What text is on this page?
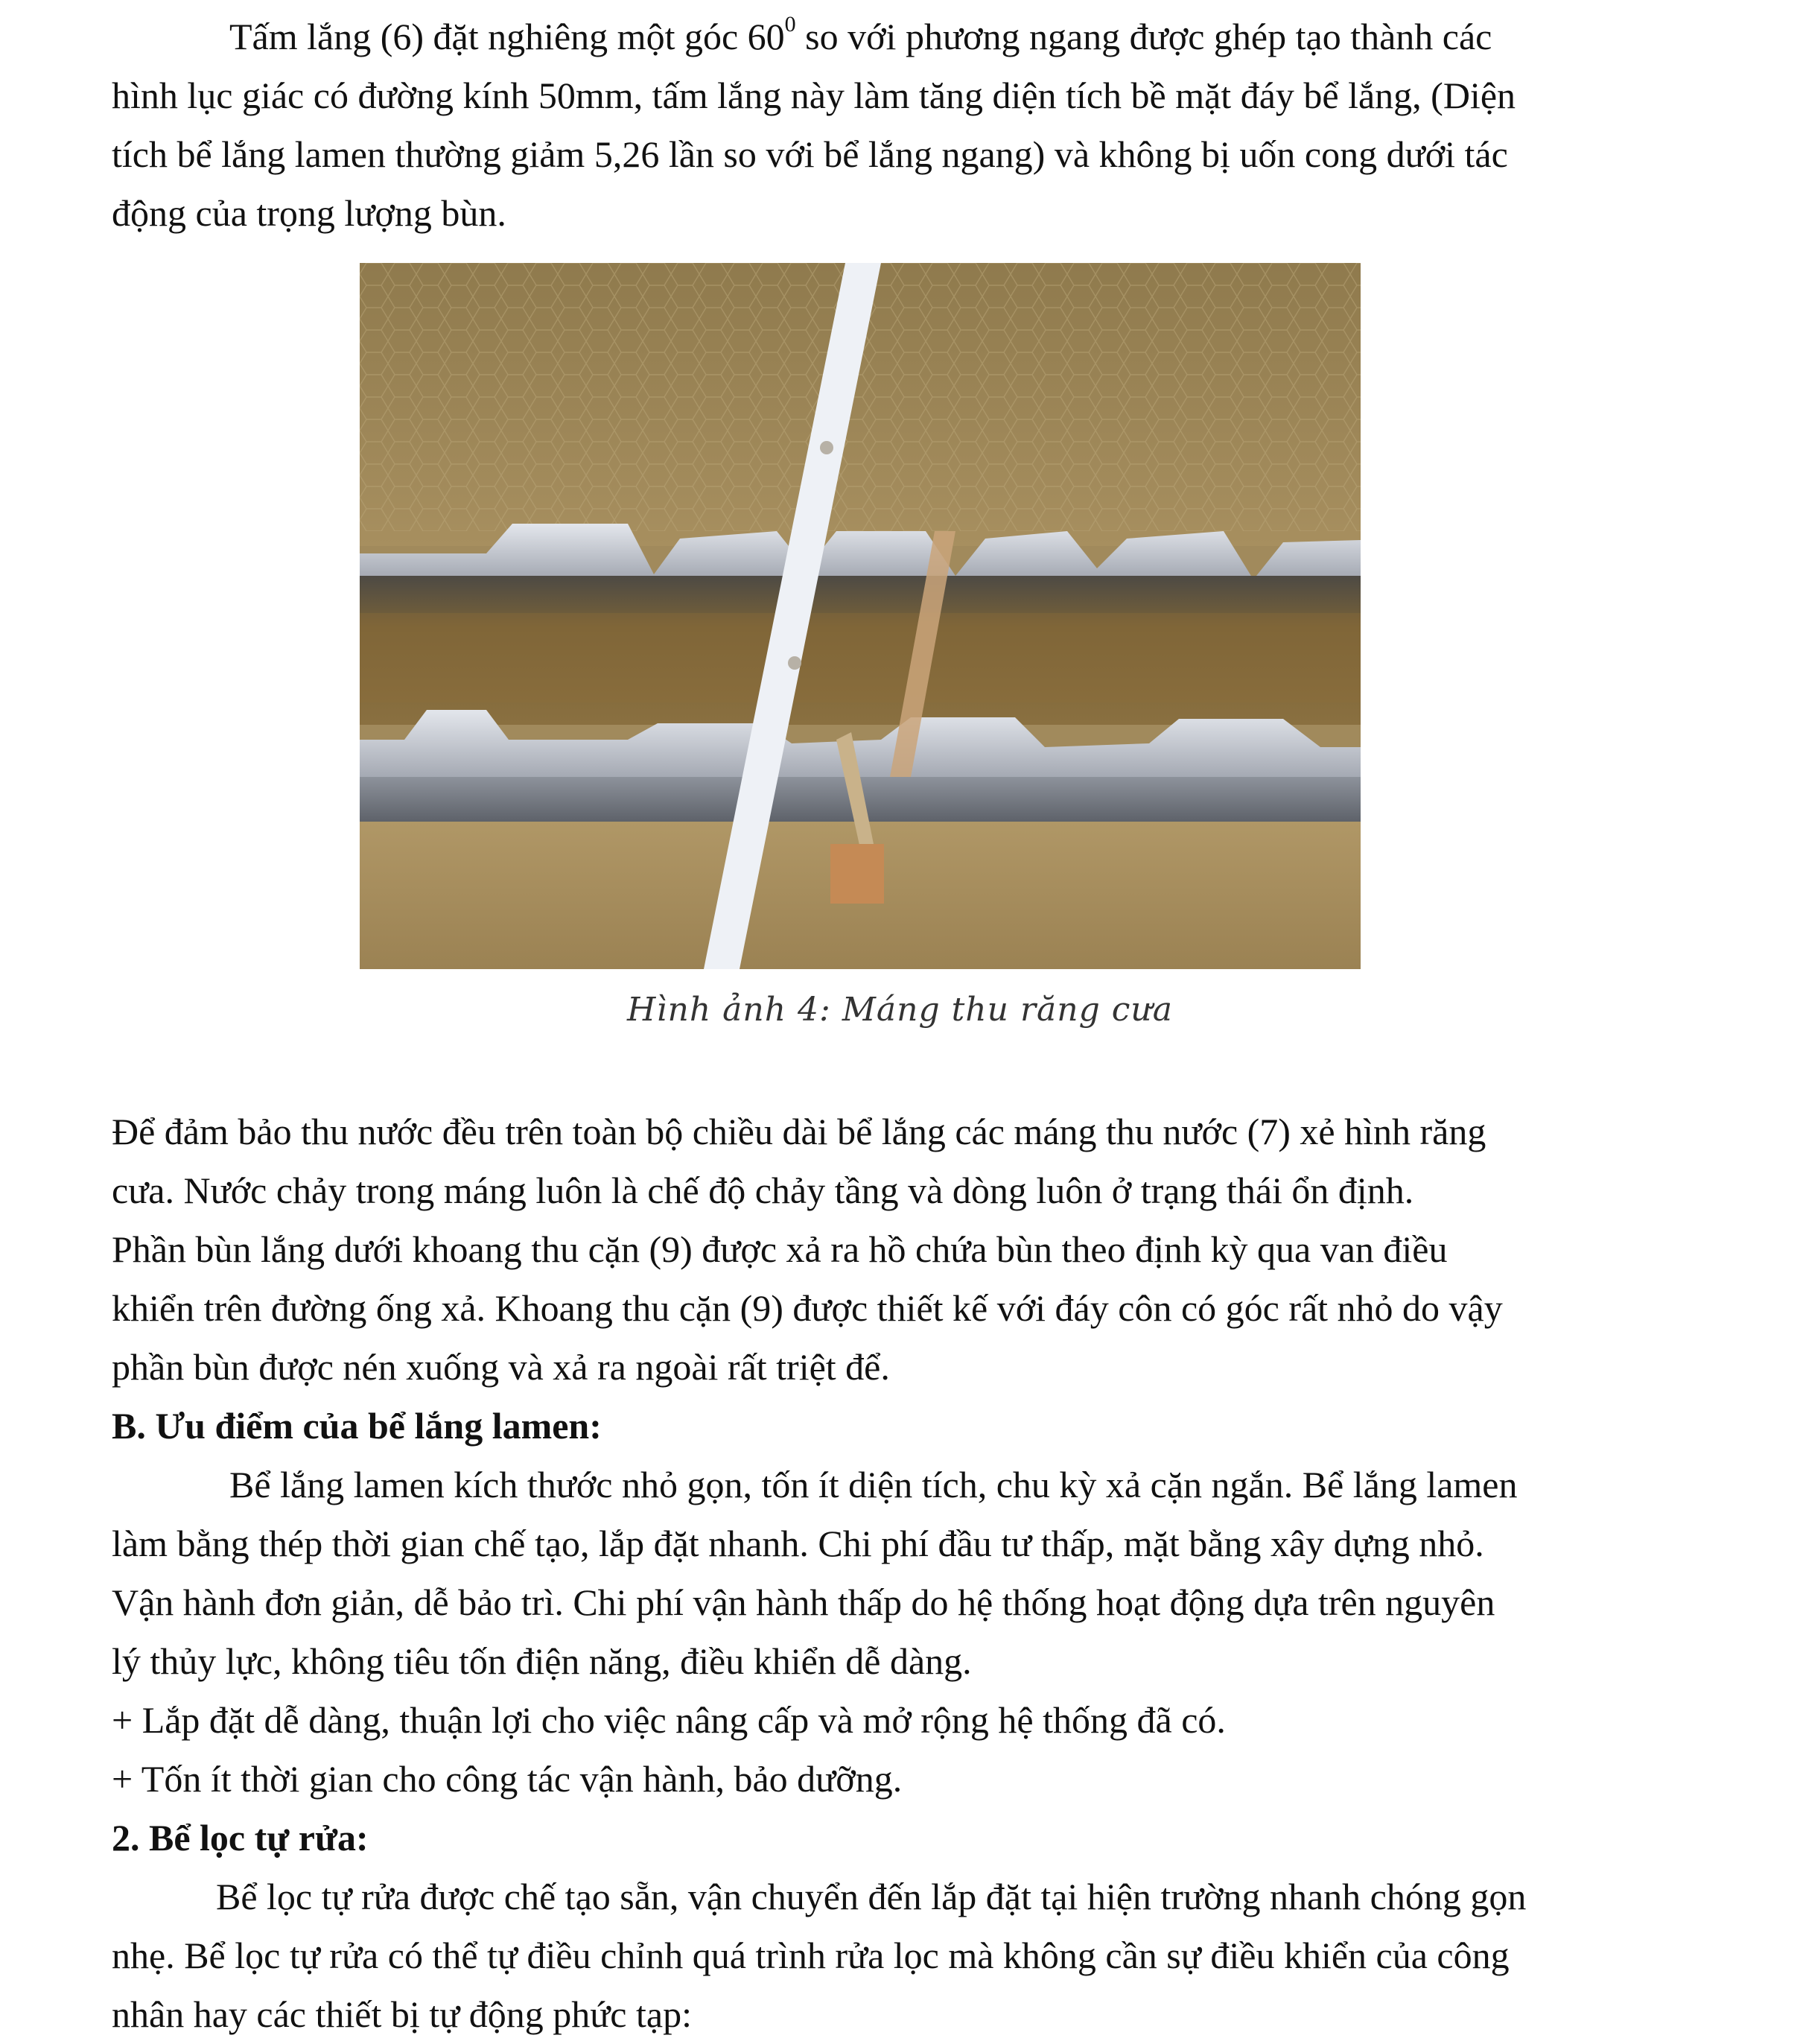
Tấm lắng (6) đặt nghiêng một góc $60^0$ so với phương ngang được ghép tạo thành các
hình lục giác có đường kính 50mm, tấm lắng này làm tăng diện tích bề mặt đáy bể lắng, (Diện
tích bể lắng lamen thường giảm 5,26 lần so với bể lắng ngang) và không bị uốn cong dưới tác
động của trọng lượng bùn.

Hình ảnh 4: Máng thu răng cưa

Để đảm bảo thu nước đều trên toàn bộ chiều dài bể lắng các máng thu nước (7) xẻ hình răng
cưa. Nước chảy trong máng luôn là chế độ chảy tầng và dòng luôn ở trạng thái ổn định.
Phần bùn lắng dưới khoang thu cặn (9) được xả ra hồ chứa bùn theo định kỳ qua van điều
khiển trên đường ống xả. Khoang thu cặn (9) được thiết kế với đáy côn có góc rất nhỏ do vậy
phần bùn được nén xuống và xả ra ngoài rất triệt để.

B. Ưu điểm của bể lắng lamen:

Bể lắng lamen kích thước nhỏ gọn, tốn ít diện tích, chu kỳ xả cặn ngắn. Bể lắng lamen
làm bằng thép thời gian chế tạo, lắp đặt nhanh. Chi phí đầu tư thấp, mặt bằng xây dựng nhỏ.
Vận hành đơn giản, dễ bảo trì. Chi phí vận hành thấp do hệ thống hoạt động dựa trên nguyên
lý thủy lực, không tiêu tốn điện năng, điều khiển dễ dàng.

+ Lắp đặt dễ dàng, thuận lợi cho việc nâng cấp và mở rộng hệ thống đã có.

+ Tốn ít thời gian cho công tác vận hành, bảo dưỡng.

2. Bể lọc tự rửa:

Bể lọc tự rửa được chế tạo sẵn, vận chuyển đến lắp đặt tại hiện trường nhanh chóng gọn
nhẹ. Bể lọc tự rửa có thể tự điều chỉnh quá trình rửa lọc mà không cần sự điều khiển của công
nhân hay các thiết bị tự động phức tạp:
